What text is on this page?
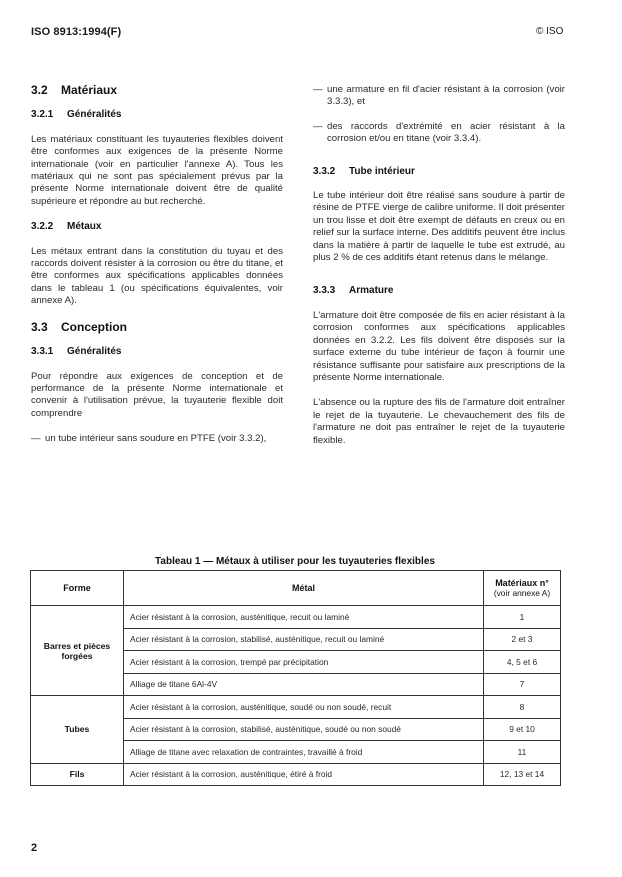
ISO 8913:1994(F)	© ISO
3.2 Matériaux
3.2.1 Généralités

Les matériaux constituant les tuyauteries flexibles doivent être conformes aux exigences de la présente Norme internationale (voir en particulier l'annexe A). Tous les matériaux qui ne sont pas spécialement prévus par la présente Norme internationale doivent être de qualité supérieure et répondre au but recherché.

3.2.2 Métaux

Les métaux entrant dans la constitution du tuyau et des raccords doivent résister à la corrosion ou être du titane, et être conformes aux spécifications applicables données dans le tableau 1 (ou spécifications équivalentes, voir annexe A).

3.3 Conception
3.3.1 Généralités

Pour répondre aux exigences de conception et de performance de la présente Norme internationale et convenir à l'utilisation prévue, la tuyauterie flexible doit comprendre

— un tube intérieur sans soudure en PTFE (voir 3.3.2),
— une armature en fil d'acier résistant à la corrosion (voir 3.3.3), et
— des raccords d'extrémité en acier résistant à la corrosion et/ou en titane (voir 3.3.4).
3.3.2 Tube intérieur

Le tube intérieur doit être réalisé sans soudure à partir de résine de PTFE vierge de calibre uniforme. Il doit présenter un trou lisse et doit être exempt de défauts en creux ou en relief sur la surface interne. Des additifs peuvent être inclus dans la matière à partir de laquelle le tube est extrudé, au plus 2 % de ces additifs étant retenus dans le mélange.

3.3.3 Armature

L'armature doit être composée de fils en acier résistant à la corrosion conformes aux spécifications applicables données en 3.2.2. Les fils doivent être disposés sur la surface externe du tube intérieur de façon à fournir une résistance suffisante pour satisfaire aux prescriptions de la présente Norme internationale.

L'absence ou la rupture des fils de l'armature doit entraîner le rejet de la tuyauterie. Le chevauchement des fils de l'armature ne doit pas entraîner le rejet de la tuyauterie flexible.

Tableau 1 — Métaux à utiliser pour les tuyauteries flexibles
Forme	Métal	Matériaux n°
(voir annexe A)

Barres et pièces forgées	Acier résistant à la corrosion, austénitique, recuit ou laminé	1
	Acier résistant à la corrosion, stabilisé, austénitique, recuit ou laminé	2 et 3
	Acier résistant à la corrosion, trempé par précipitation	4, 5 et 6
	Alliage de titane 6Al-4V	7
Tubes	Acier résistant à la corrosion, austénitique, soudé ou non soudé, recuit	8
	Acier résistant à la corrosion, stabilisé, austénitique, soudé ou non soudé	9 et 10
	Alliage de titane avec relaxation de contraintes, travaillé à froid	11
Fils	Acier résistant à la corrosion, austénitique, étiré à froid	12, 13 et 14
2
